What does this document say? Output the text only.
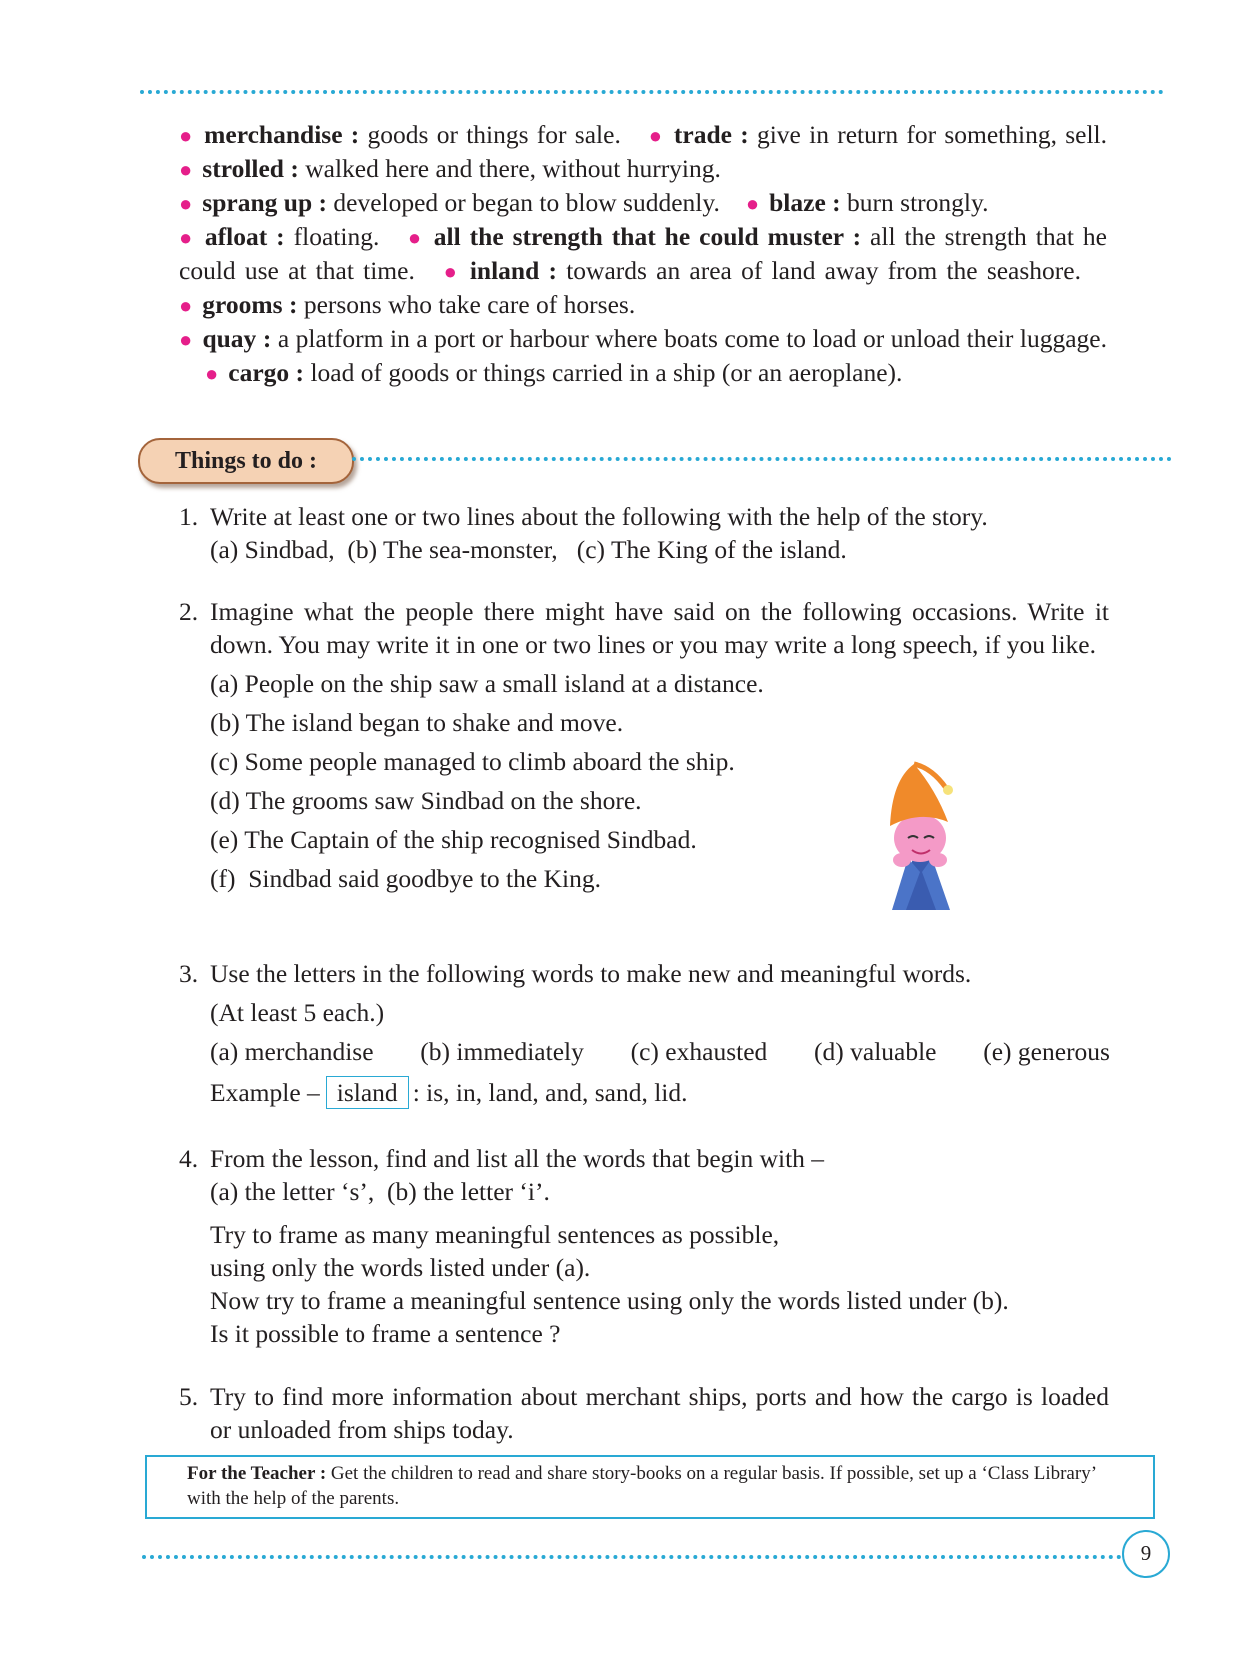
● merchandise : goods or things for sale. ● trade : give in return for something, sell. ● strolled : walked here and there, without hurrying.
● sprang up : developed or began to blow suddenly. ● blaze : burn strongly.
● afloat : floating. ● all the strength that he could muster : all the strength that he could use at that time. ● inland : towards an area of land away from the seashore.● grooms : persons who take care of horses.
● quay : a platform in a port or harbour where boats come to load or unload their luggage.● cargo : load of goods or things carried in a ship (or an aeroplane).
Things to do :
1. Write at least one or two lines about the following with the help of the story.
(a) Sindbad,  (b) The sea-monster,   (c) The King of the island.
2. Imagine what the people there might have said on the following occasions. Write it down. You may write it in one or two lines or you may write a long speech, if you like.
(a) People on the ship saw a small island at a distance.
(b) The island began to shake and move.
(c) Some people managed to climb aboard the ship.
(d) The grooms saw Sindbad on the shore.
(e) The Captain of the ship recognised Sindbad.
(f)  Sindbad said goodbye to the King.
3. Use the letters in the following words to make new and meaningful words.
(At least 5 each.)
(a) merchandise (b) immediately (c) exhausted (d) valuable (e) generous
Example – island : is, in, land, and, sand, lid.
4. From the lesson, find and list all the words that begin with –
(a) the letter ‘s’,  (b) the letter ‘i’.
Try to frame as many meaningful sentences as possible,
using only the words listed under (a).
Now try to frame a meaningful sentence using only the words listed under (b).
Is it possible to frame a sentence ?
5. Try to find more information about merchant ships, ports and how the cargo is loaded or unloaded from ships today.
For the Teacher : Get the children to read and share story-books on a regular basis. If possible, set up a ‘Class Library’ with the help of the parents.
9
